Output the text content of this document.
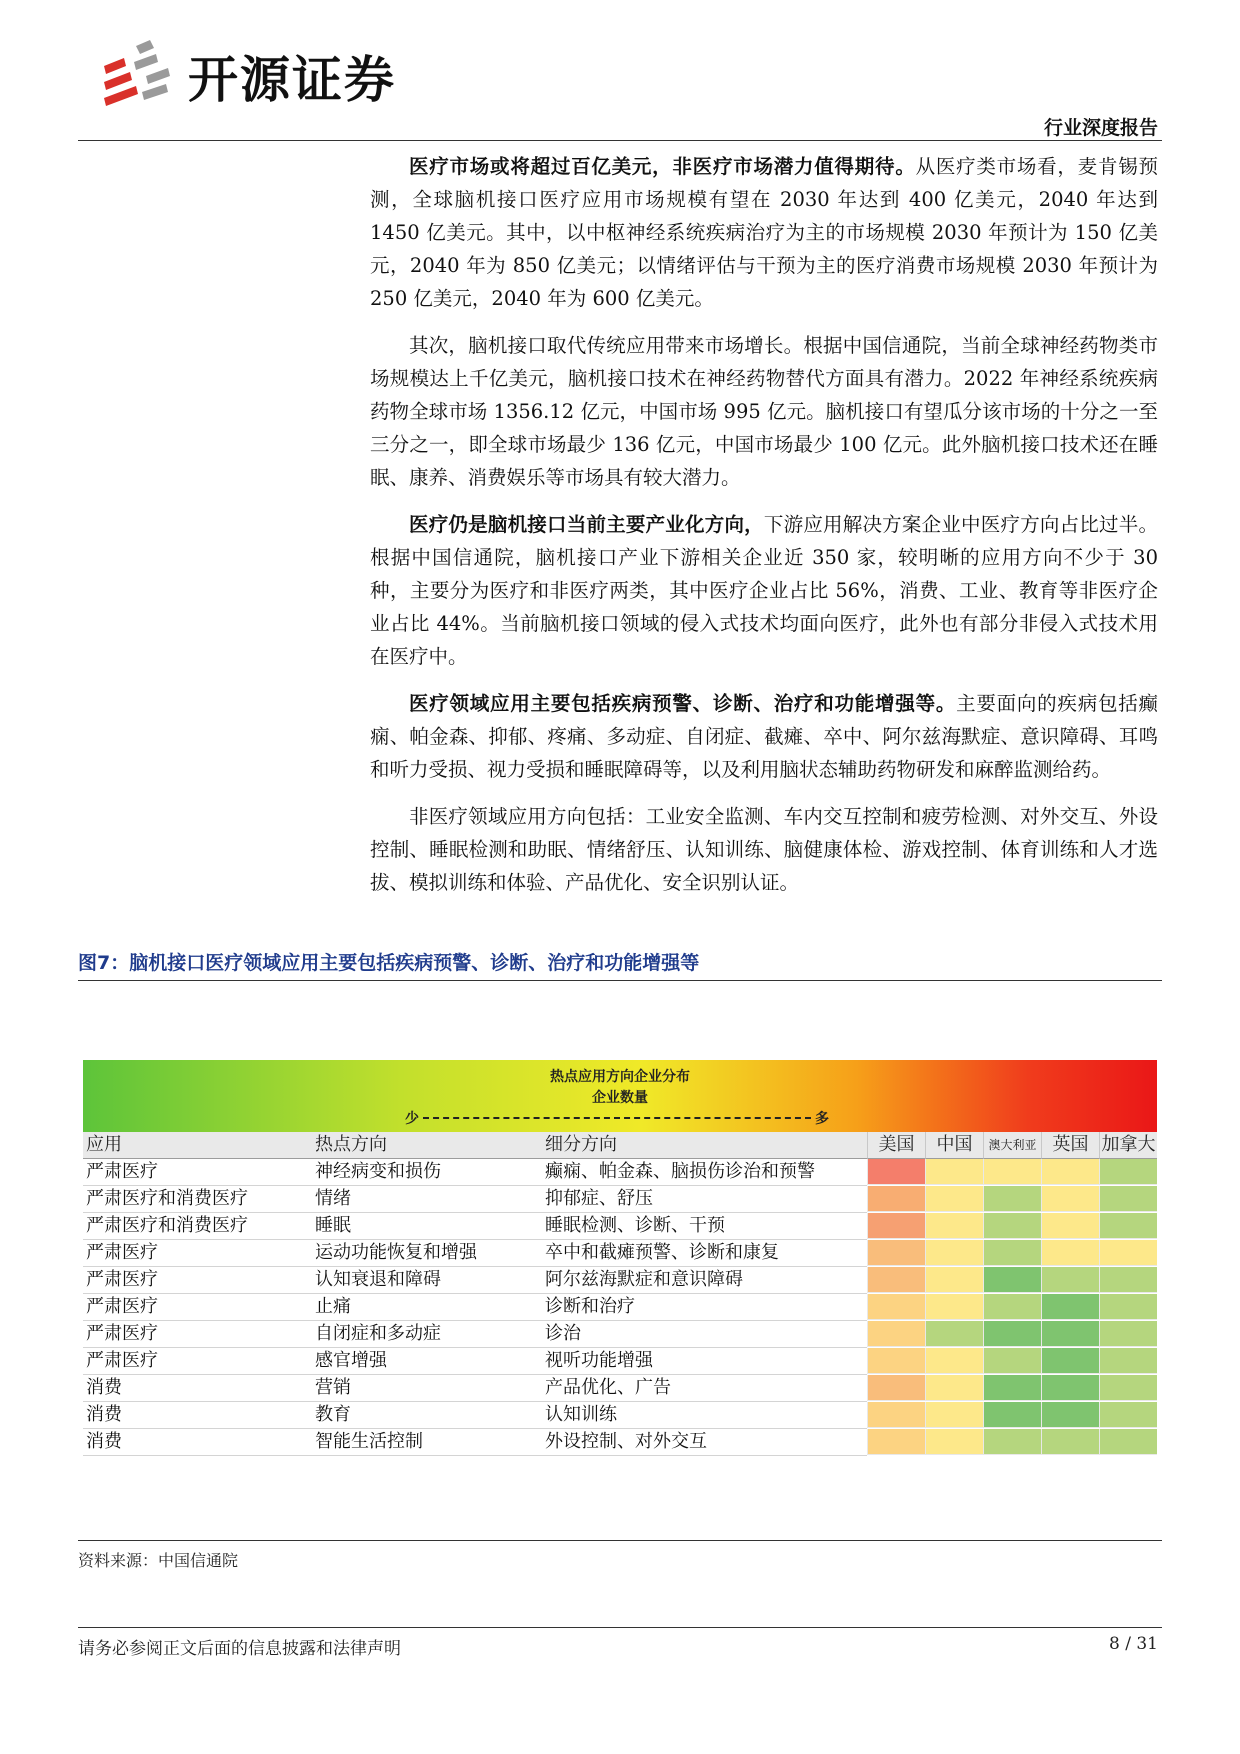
开源证券
行业深度报告

医疗市场或将超过百亿美元，非医疗市场潜力值得期待。从医疗类市场看，麦肯锡预测，全球脑机接口医疗应用市场规模有望在 2030 年达到 400 亿美元，2040 年达到 1450 亿美元。其中，以中枢神经系统疾病治疗为主的市场规模 2030 年预计为 150 亿美元，2040 年为 850 亿美元；以情绪评估与干预为主的医疗消费市场规模 2030 年预计为 250 亿美元，2040 年为 600 亿美元。

其次，脑机接口取代传统应用带来市场增长。根据中国信通院，当前全球神经药物类市场规模达上千亿美元，脑机接口技术在神经药物替代方面具有潜力。2022 年神经系统疾病药物全球市场 1356.12 亿元，中国市场 995 亿元。脑机接口有望瓜分该市场的十分之一至三分之一，即全球市场最少 136 亿元，中国市场最少 100 亿元。此外脑机接口技术还在睡眠、康养、消费娱乐等市场具有较大潜力。

医疗仍是脑机接口当前主要产业化方向，下游应用解决方案企业中医疗方向占比过半。根据中国信通院，脑机接口产业下游相关企业近 350 家，较明晰的应用方向不少于 30 种，主要分为医疗和非医疗两类，其中医疗企业占比 56%，消费、工业、教育等非医疗企业占比 44%。当前脑机接口领域的侵入式技术均面向医疗，此外也有部分非侵入式技术用在医疗中。

医疗领域应用主要包括疾病预警、诊断、治疗和功能增强等。主要面向的疾病包括癫痫、帕金森、抑郁、疼痛、多动症、自闭症、截瘫、卒中、阿尔兹海默症、意识障碍、耳鸣和听力受损、视力受损和睡眠障碍等，以及利用脑状态辅助药物研发和麻醉监测给药。

非医疗领域应用方向包括：工业安全监测、车内交互控制和疲劳检测、对外交互、外设控制、睡眠检测和助眠、情绪舒压、认知训练、脑健康体检、游戏控制、体育训练和人才选拔、模拟训练和体验、产品优化、安全识别认证。

图7：脑机接口医疗领域应用主要包括疾病预警、诊断、治疗和功能增强等
热点应用方向企业分布
企业数量
少	多
应用	热点方向	细分方向	美国	中国	澳大利亚 英国 加拿大
严肃医疗	神经病变和损伤	癫痫、帕金森、脑损伤诊治和预警
严肃医疗和消费医疗	情绪	抑郁症、舒压
严肃医疗和消费医疗	睡眠	睡眠检测、诊断、干预
严肃医疗	运动功能恢复和增强	卒中和截瘫预警、诊断和康复
严肃医疗	认知衰退和障碍	阿尔兹海默症和意识障碍
严肃医疗	止痛	诊断和治疗
严肃医疗	自闭症和多动症	诊治
严肃医疗	感官增强	视听功能增强
消费	营销	产品优化、广告
消费	教育	认知训练
消费	智能生活控制	外设控制、对外交互
资料来源：中国信通院
请务必参阅正文后面的信息披露和法律声明	8 / 31
